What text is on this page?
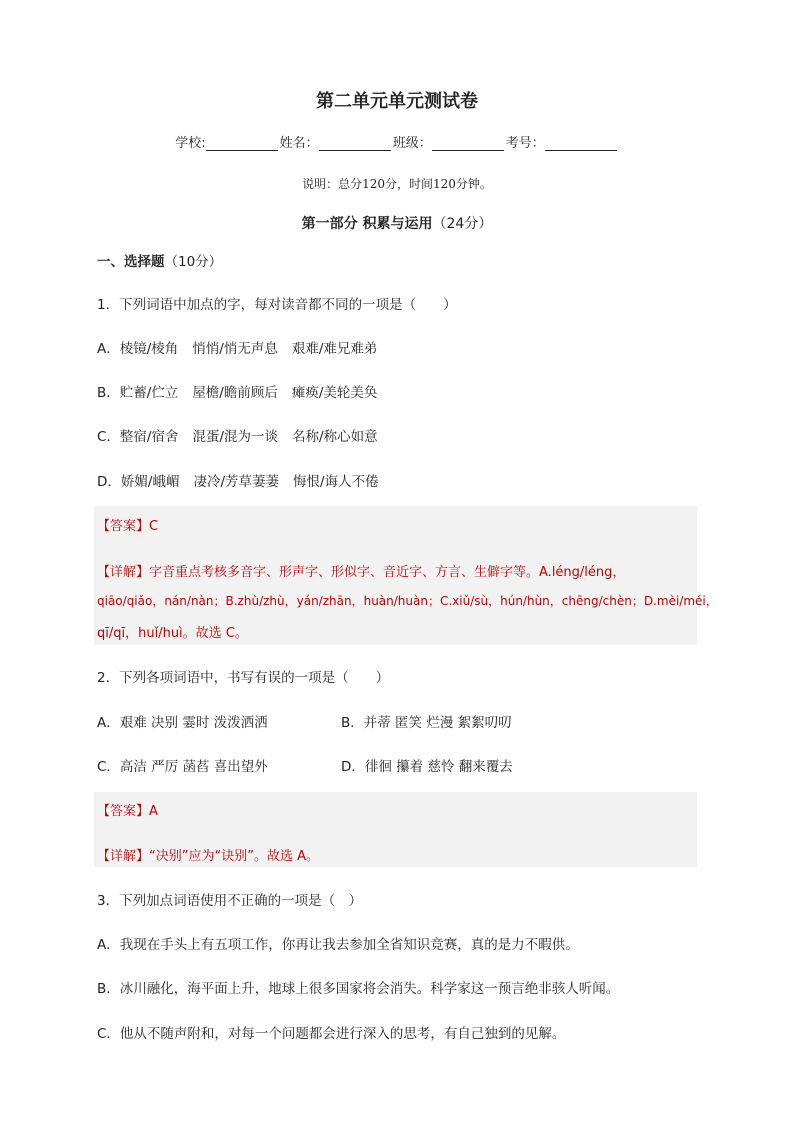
第二单元单元测试卷
学校:	姓名：	班级：	考号：
说明：总分120分，时间120分钟。
第一部分 积累与运用（24分）
一、选择题（10分）
1．下列词语中加点的字，每对读音都不同的一项是（　　）
A．棱镜/棱角 悄悄/悄无声息 艰难/难兄难弟
B．贮蓄/伫立 屋檐/瞻前顾后 瘫痪/美轮美奂
C．整宿/宿舍 混蛋/混为一谈 名称/称心如意
D．娇媚/峨嵋 凄冷/芳草萋萋 悔恨/诲人不倦
【答案】C
【详解】字音重点考核多音字、形声字、形似字、音近字、方言、生僻字等。A.léng/léng，
qiāo/qiǎo，nán/nàn；B.zhù/zhù，yán/zhān，huàn/huàn；C.xiǔ/sù，hún/hùn，chēng/chèn；D.mèi/méi，
qī/qī，huǐ/huì。故选 C。
2．下列各项词语中，书写有误的一项是（　　）
A．艰难 决别 霎时 泼泼洒洒	B．并蒂 匿笑 烂漫 絮絮叨叨
C．高洁 严厉 菡萏 喜出望外	D．徘徊 攥着 慈怜 翻来覆去
【答案】A
【详解】“决别”应为“诀别”。故选 A。
3．下列加点词语使用不正确的一项是（　）
A．我现在手头上有五项工作，你再让我去参加全省知识竞赛，真的是力不暇供。
B．冰川融化，海平面上升，地球上很多国家将会消失。科学家这一预言绝非骇人听闻。
C．他从不随声附和，对每一个问题都会进行深入的思考，有自己独到的见解。
